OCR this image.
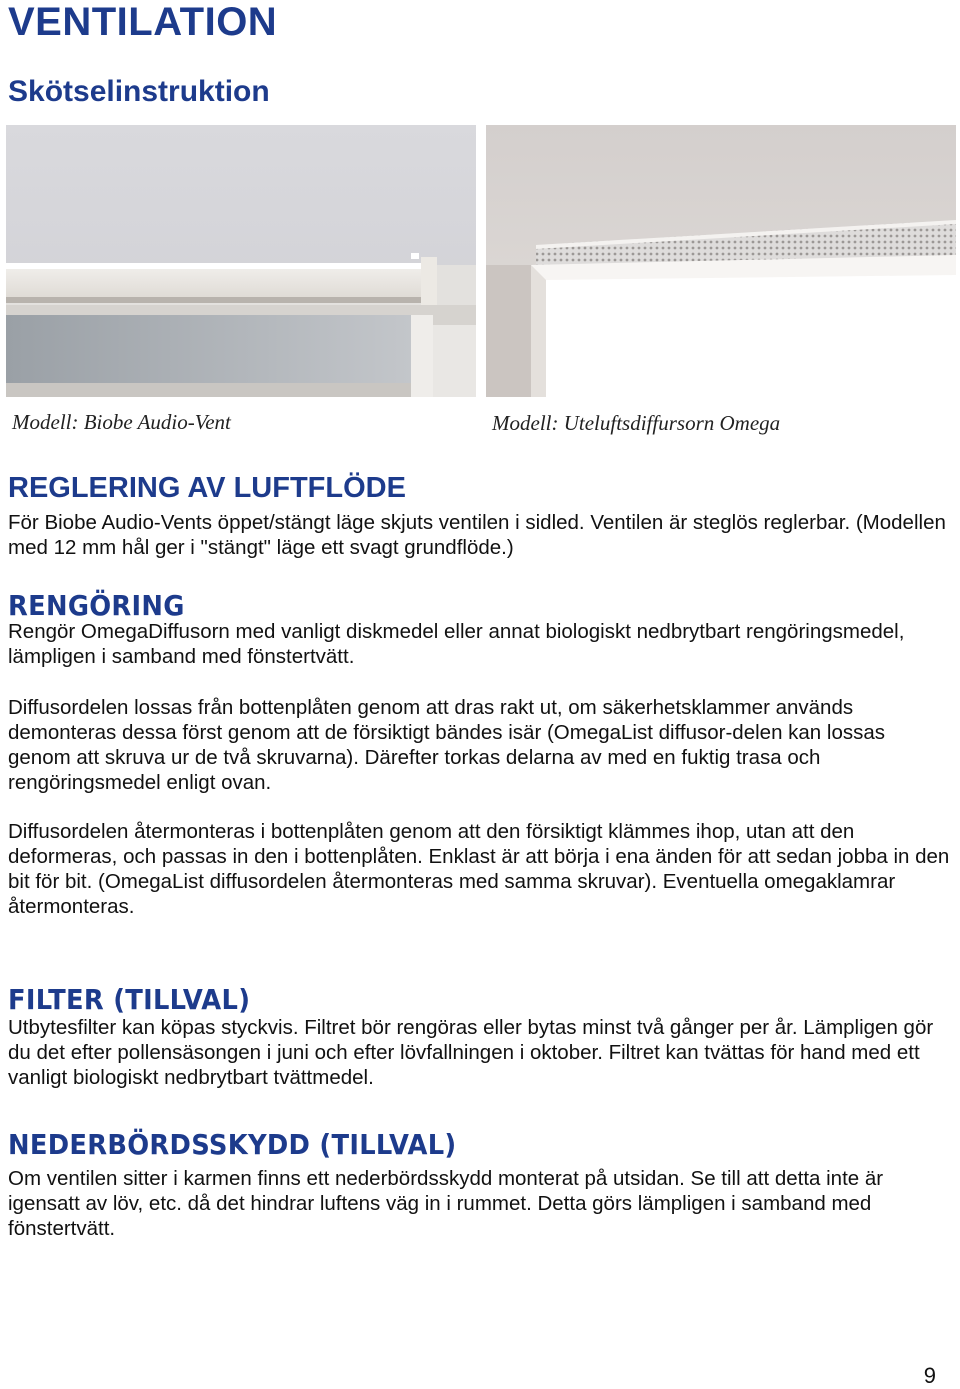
VENTILATION
Skötselinstruktion
Modell: Biobe Audio-Vent	Modell: Uteluftsdiffursorn Omega
REGLERING AV LUFTFLÖDE

För Biobe Audio-Vents öppet/stängt läge skjuts ventilen i sidled. Ventilen är steglös reglerbar. (Modellen med 12 mm hål ger i "stängt" läge ett svagt grundflöde.)

RENGÖRING

Rengör OmegaDiffusorn med vanligt diskmedel eller annat biologiskt nedbrytbart rengöringsmedel, lämpligen i samband med fönstertvätt.

Diffusordelen lossas från bottenplåten genom att dras rakt ut, om säkerhetsklammer används demonteras dessa först genom att de försiktigt bändes isär (OmegaList diffusor-delen kan lossas genom att skruva ur de två skruvarna). Därefter torkas delarna av med en fuktig trasa och rengöringsmedel enligt ovan.

Diffusordelen återmonteras i bottenplåten genom att den försiktigt klämmes ihop, utan att den deformeras, och passas in den i bottenplåten. Enklast är att börja i ena änden för att sedan jobba in den bit för bit. (OmegaList diffusordelen återmonteras med samma skruvar). Eventuella omegaklamrar återmonteras.

FILTER (TILLVAL)

Utbytesfilter kan köpas styckvis. Filtret bör rengöras eller bytas minst två gånger per år. Lämpligen gör du det efter pollensäsongen i juni och efter lövfallningen i oktober. Filtret kan tvättas för hand med ett vanligt biologiskt nedbrytbart tvättmedel.

NEDERBÖRDSSKYDD (TILLVAL)

Om ventilen sitter i karmen finns ett nederbördsskydd monterat på utsidan. Se till att detta inte är igensatt av löv, etc. då det hindrar luftens väg in i rummet. Detta görs lämpligen i samband med fönstertvätt.

9
